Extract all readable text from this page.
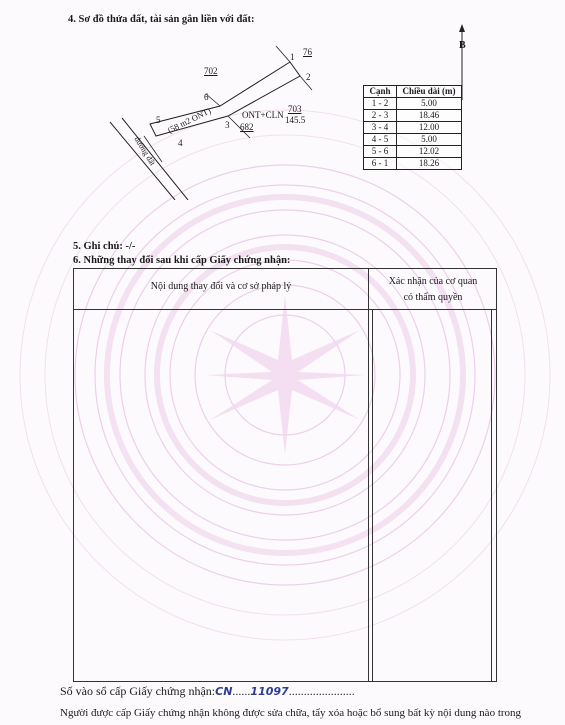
4. Sơ đồ thửa đất, tài sản gắn liền với đất:
702
76
1
2
3
4
5
6
703
145.5
ONT+CLN
682
(58 m2 ONT)
đường đất
B
Cạnh	Chiều dài (m)
1 - 2	5.00
2 - 3	18.46
3 - 4	12.00
4 - 5	5.00
5 - 6	12.02
6 - 1	18.26
5. Ghi chú: -/-
6. Những thay đổi sau khi cấp Giấy chứng nhận:
Nội dung thay đổi và cơ sở pháp lý	Xác nhận của cơ quan
có thẩm quyền
Số vào sổ cấp Giấy chứng nhận:CN......11097......................
Người được cấp Giấy chứng nhận không được sửa chữa, tẩy xóa hoặc bổ sung bất kỳ nội dung nào trong
